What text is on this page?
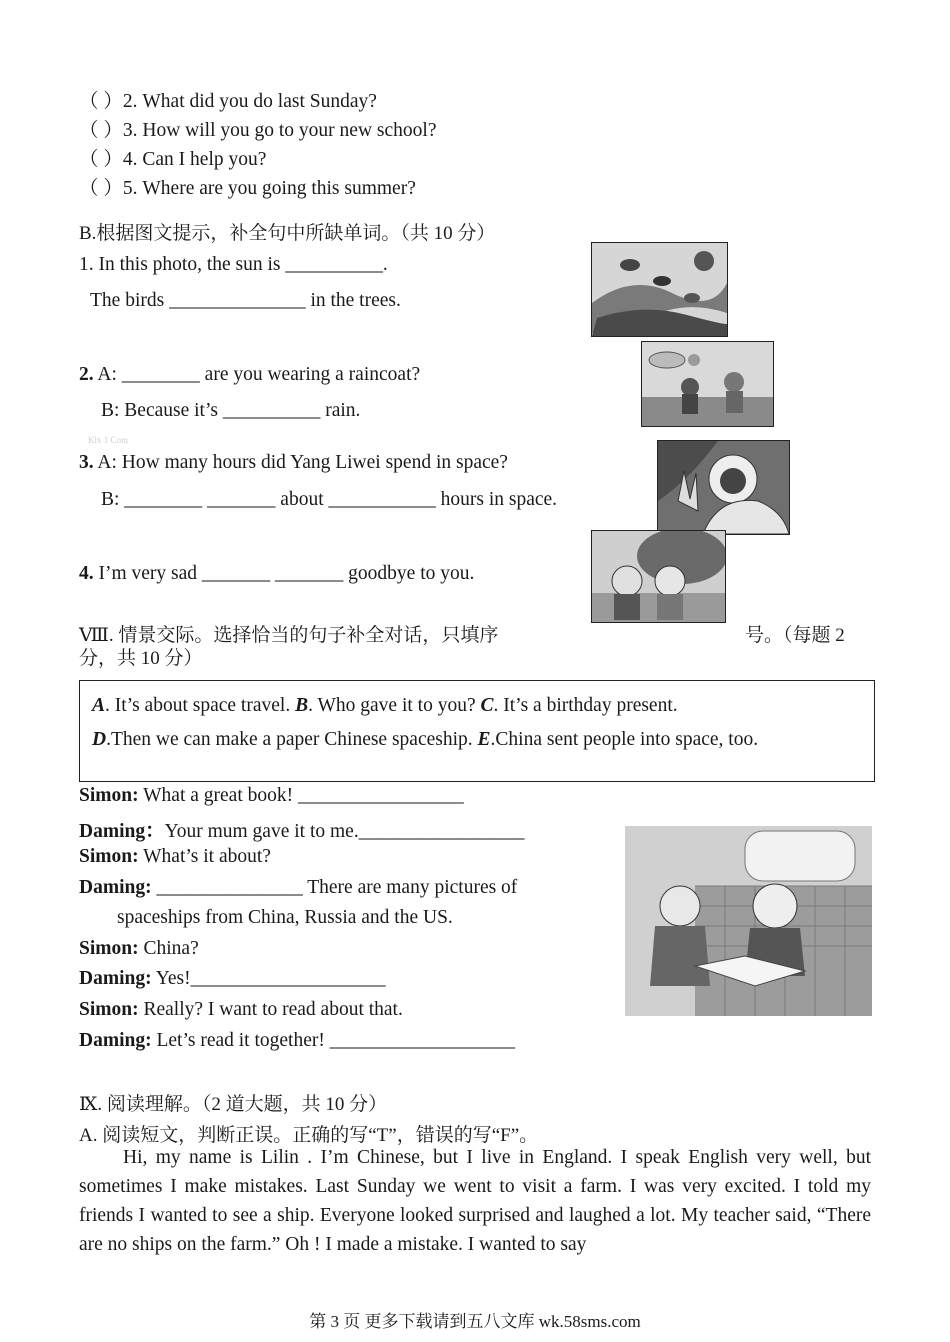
（ ）2. What did you do last Sunday?
（ ）3. How will you go to your new school?
（ ）4. Can I help you?
（ ）5. Where are you going this summer?
B.根据图文提示，补全句中所缺单词。（共 10 分）
1. In this photo, the sun is __________.
The birds ______________ in the trees.
2. A: ________ are you wearing a raincoat?
B: Because it’s __________ rain.
3. A: How many hours did Yang Liwei spend in space?
B: ________ _______ about ___________ hours in space.
4. I’m very sad _______ _______ goodbye to you.
Ⅷ. 情景交际。选择恰当的句子补全对话，只填序	号。（每题 2
分，共 10 分）
A. It’s about space travel. B. Who gave it to you? C. It’s a birthday present.
D.Then we can make a paper Chinese spaceship. E.China sent people into space, too.
Simon: What a great book! _________________
Daming：Your mum gave it to me._________________
Simon: What’s it about?
Daming: _______________ There are many pictures of
spaceships from China, Russia and the US.
Simon: China?
Daming: Yes!____________________
Simon: Really? I want to read about that.
Daming: Let’s read it together! ___________________
Ⅸ. 阅读理解。（2 道大题，共 10 分）
A. 阅读短文，判断正误。正确的写“T”，错误的写“F”。

Hi, my name is Lilin . I’m Chinese, but I live in England. I speak English very well, but sometimes I make mistakes. Last Sunday we went to visit a farm. I was very excited. I told my friends I wanted to see a ship. Everyone looked surprised and laughed a lot. My teacher said, “There are no ships on the farm.” Oh ! I made a mistake. I wanted to say

Klx 1 Com
第 3 页 更多下载请到五八文库 wk.58sms.com
